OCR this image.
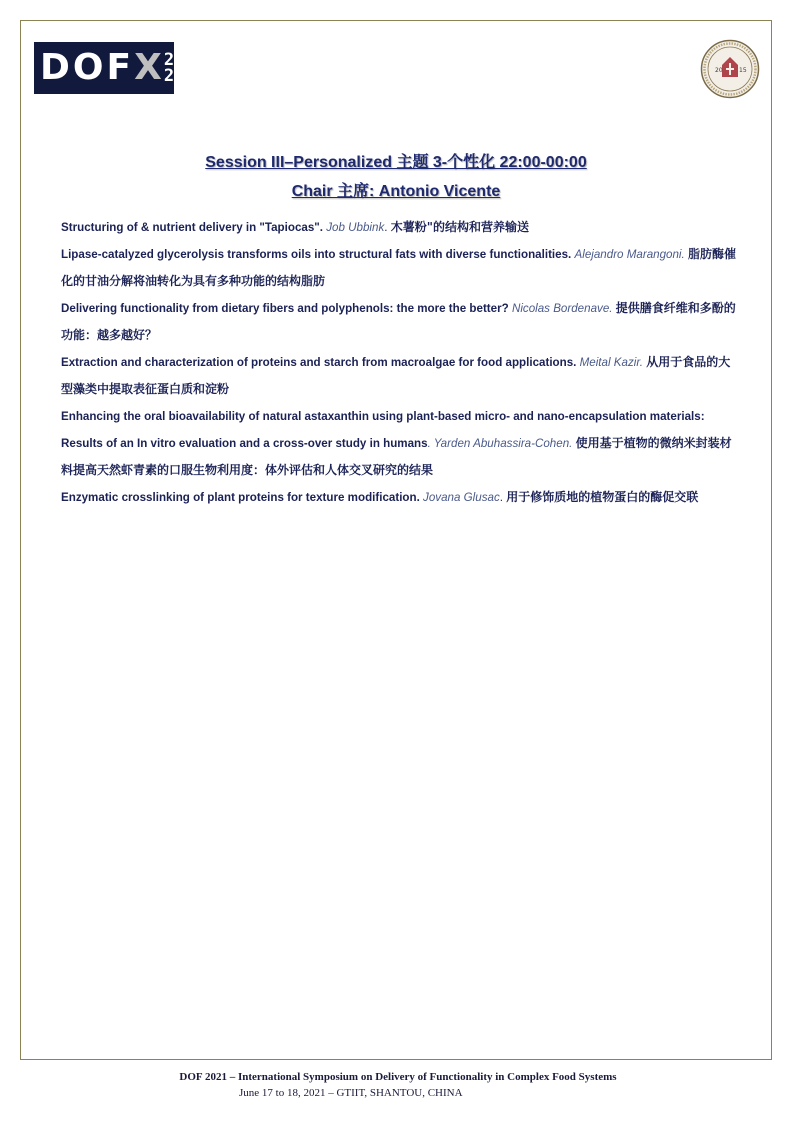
DOF X 20
21	20	15
Session III–Personalized 主题 3-个性化 22:00-00:00
Chair 主席: Antonio Vicente

Structuring of & nutrient delivery in "Tapiocas". Job Ubbink. 木薯粉"的结构和营养输送

Lipase-catalyzed glycerolysis transforms oils into structural fats with diverse functionalities. Alejandro Marangoni. 脂肪酶催化的甘油分解将油转化为具有多种功能的结构脂肪

Delivering functionality from dietary fibers and polyphenols: the more the better? Nicolas Bordenave. 提供膳食纤维和多酚的功能：越多越好？

Extraction and characterization of proteins and starch from macroalgae for food applications. Meital Kazir. 从用于食品的大型藻类中提取表征蛋白质和淀粉

Enhancing the oral bioavailability of natural astaxanthin using plant-based micro- and nano-encapsulation materials: Results of an In vitro evaluation and a cross-over study in humans. Yarden Abuhassira-Cohen. 使用基于植物的微纳米封装材料提高天然虾青素的口服生物利用度：体外评估和人体交叉研究的结果

Enzymatic crosslinking of plant proteins for texture modification. Jovana Glusac. 用于修饰质地的植物蛋白的酶促交联

DOF 2021 – International Symposium on Delivery of Functionality in Complex Food Systems
June 17 to 18, 2021 – GTIIT, SHANTOU, CHINA
